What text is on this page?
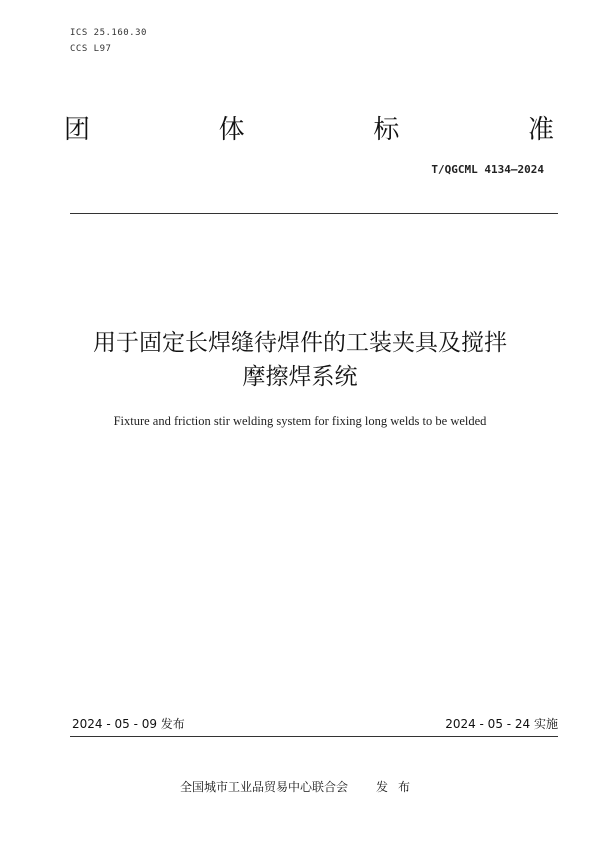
ICS 25.160.30
CCS L97
团	体	标	准
T/QGCML 4134—2024
用于固定长焊缝待焊件的工装夹具及搅拌
摩擦焊系统
Fixture and friction stir welding system for fixing long welds to be welded
2024 - 05 - 09 发布	2024 - 05 - 24 实施
全国城市工业品贸易中心联合会 发布
